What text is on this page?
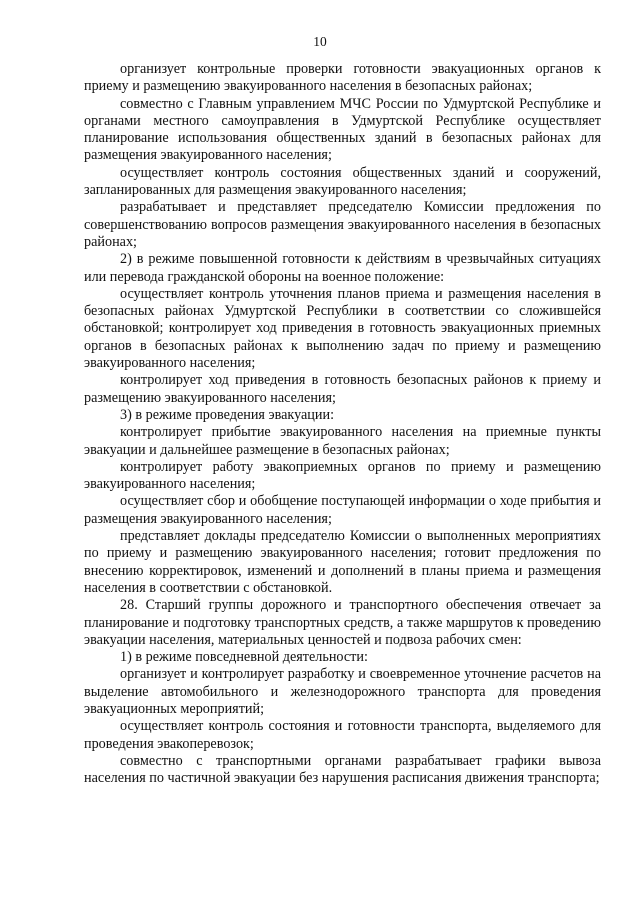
10

организует контрольные проверки готовности эвакуационных органов к приему и размещению эвакуированного населения в безопасных районах;

совместно с Главным управлением МЧС России по Удмуртской Республике и органами местного самоуправления в Удмуртской Республике осуществляет планирование использования общественных зданий в безопасных районах для размещения эвакуированного населения;

осуществляет контроль состояния общественных зданий и сооружений, запланированных для размещения эвакуированного населения;

разрабатывает и представляет председателю Комиссии предложения по совершенствованию вопросов размещения эвакуированного населения в безопасных районах;

2) в режиме повышенной готовности к действиям в чрезвычайных ситуациях или перевода гражданской обороны на военное положение:

осуществляет контроль уточнения планов приема и размещения населения в безопасных районах Удмуртской Республики в соответствии со сложившейся обстановкой; контролирует ход приведения в готовность эвакуационных приемных органов в безопасных районах к выполнению задач по приему и размещению эвакуированного населения;

контролирует ход приведения в готовность безопасных районов к приему и размещению эвакуированного населения;

3) в режиме проведения эвакуации:

контролирует прибытие эвакуированного населения на приемные пункты эвакуации и дальнейшее размещение в безопасных районах;

контролирует работу эвакоприемных органов по приему и размещению эвакуированного населения;

осуществляет сбор и обобщение поступающей информации о ходе прибытия и размещения эвакуированного населения;

представляет доклады председателю Комиссии о выполненных мероприятиях по приему и размещению эвакуированного населения; готовит предложения по внесению корректировок, изменений и дополнений в планы приема и размещения населения в соответствии с обстановкой.

28. Старший группы дорожного и транспортного обеспечения отвечает за планирование и подготовку транспортных средств, а также маршрутов к проведению эвакуации населения, материальных ценностей и подвоза рабочих смен:

1) в режиме повседневной деятельности:

организует и контролирует разработку и своевременное уточнение расчетов на выделение автомобильного и железнодорожного транспорта для проведения эвакуационных мероприятий;

осуществляет контроль состояния и готовности транспорта, выделяемого для проведения эвакоперевозок;

совместно с транспортными органами разрабатывает графики вывоза населения по частичной эвакуации без нарушения расписания движения транспорта;
